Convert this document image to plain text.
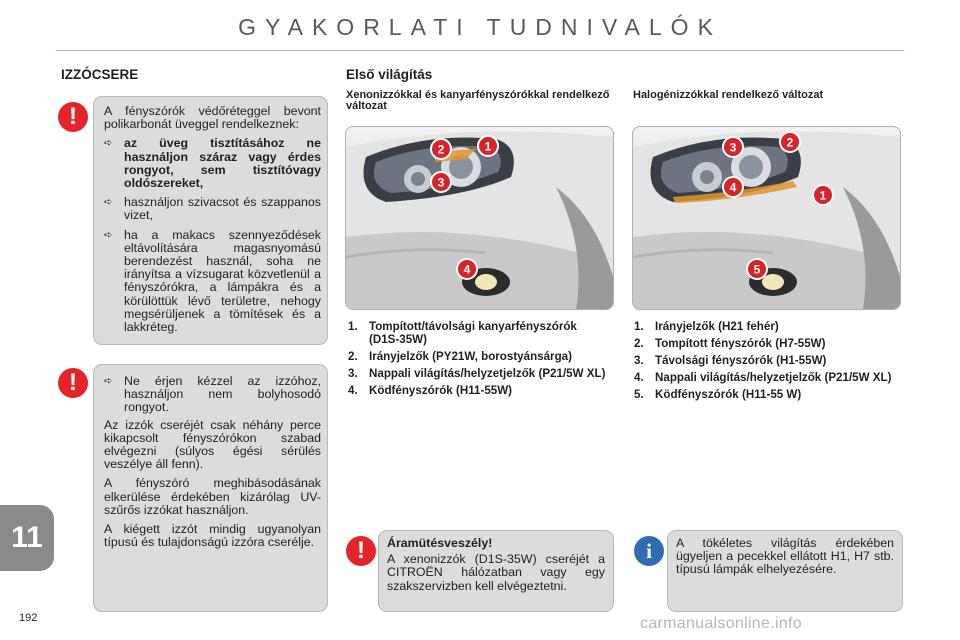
GYAKORLATI TUDNIVALÓK
IZZÓCSERE
!	A fényszórók védőréteggel bevont polikarbonát üveggel rendelkeznek:

➪ az üveg tisztításához ne használjon száraz vagy érdes rongyot, sem tisztítóvagy oldószereket,
➪ használjon szivacsot és szappanos vizet,
➪ ha a makacs szennyeződések eltávolítására magasnyomású berendezést használ, soha ne irányítsa a vízsugarat közvetlenül a fényszórókra, a lámpákra és a körülöttük lévő területre, nehogy megsérüljenek a tömítések és a lakkréteg.
!	➪ Ne érjen kézzel az izzóhoz, használjon nem bolyhosodó rongyot.

Az izzók cseréjét csak néhány perce kikapcsolt fényszórókon szabad elvégezni (súlyos égési sérülés veszélye áll fenn).

A fényszóró meghibásodásának elkerülése érdekében kizárólag UV-szűrős izzókat használjon.

A kiégett izzót mindig ugyanolyan típusú és tulajdonságú izzóra cserélje.

Első világítás
Xenonizzókkal és kanyarfényszórókkal rendelkező változat
1
2
3
4
1. Tompított/távolsági kanyarfényszórók (D1S-35W)
2. Irányjelzők (PY21W, borostyánsárga)
3. Nappali világítás/helyzetjelzők (P21/5W XL)
4. Ködfényszórók (H11-55W)
!	Áramütésveszély!

A xenonizzók (D1S-35W) cseréjét a CITROËN hálózatban vagy egy szakszervizben kell elvégeztetni.

Halogénizzókkal rendelkező változat
1
2
3
4
5
1. Irányjelzők (H21 fehér)
2. Tompított fényszórók (H7-55W)
3. Távolsági fényszórók (H1-55W)
4. Nappali világítás/helyzetjelzők (P21/5W XL)
5. Ködfényszórók (H11-55 W)
i	A tökéletes világítás érdekében ügyeljen a pecekkel ellátott H1, H7 stb. típusú lámpák elhelyezésére.

11
192	carmanualsonline.info
